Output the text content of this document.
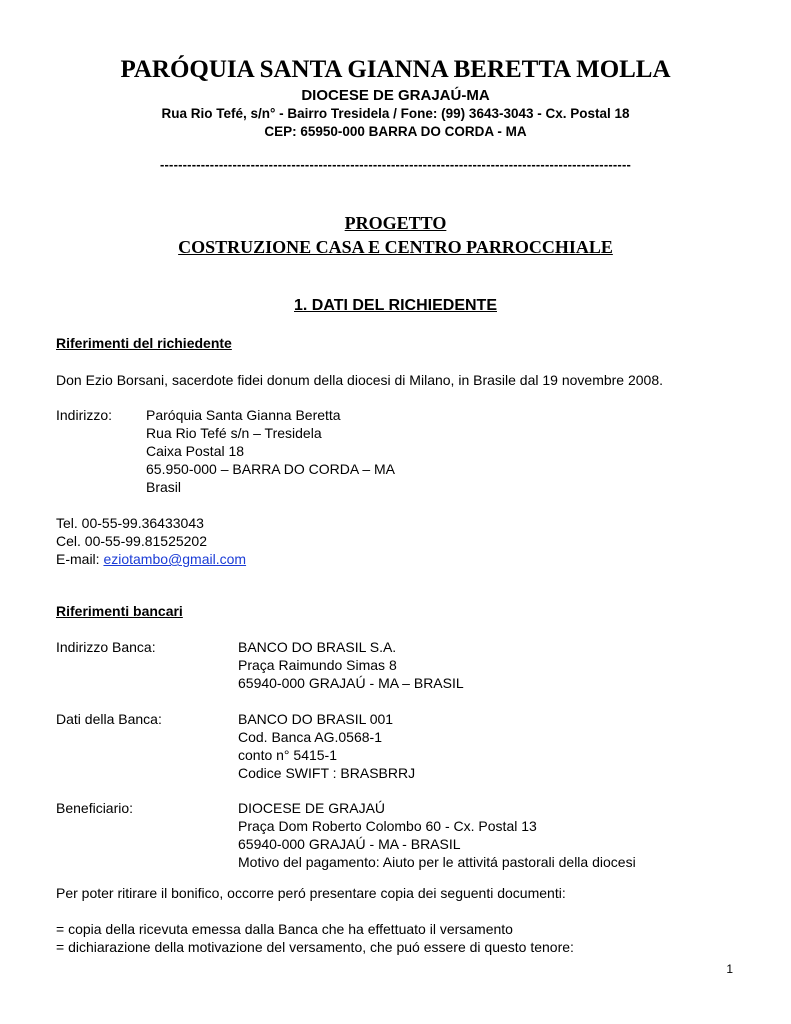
PARÓQUIA SANTA GIANNA BERETTA MOLLA
DIOCESE DE GRAJAÚ-MA
Rua Rio Tefé, s/n° - Bairro Tresidela / Fone: (99) 3643-3043 - Cx. Postal 18
CEP: 65950-000 BARRA DO CORDA - MA
--------------------------------------------------------------------------------------------------------
PROGETTO
COSTRUZIONE CASA E CENTRO PARROCCHIALE
1. DATI DEL RICHIEDENTE
Riferimenti del richiedente
Don Ezio Borsani, sacerdote fidei donum della diocesi di Milano, in Brasile dal 19 novembre 2008.
Indirizzo: Paróquia Santa Gianna Beretta
Rua Rio Tefé s/n – Tresidela
Caixa Postal 18
65.950-000 – BARRA DO CORDA – MA
Brasil
Tel. 00-55-99.36433043
Cel. 00-55-99.81525202
E-mail: eziotambo@gmail.com
Riferimenti bancari
Indirizzo Banca:	BANCO DO BRASIL S.A.
Praça Raimundo Simas 8
65940-000 GRAJAÚ - MA – BRASIL
Dati della Banca:	BANCO DO BRASIL 001
Cod. Banca AG.0568-1
conto n° 5415-1
Codice SWIFT : BRASBRRJ
Beneficiario:	DIOCESE DE GRAJAÚ
Praça Dom Roberto Colombo 60 - Cx. Postal 13
65940-000 GRAJAÚ - MA - BRASIL
Motivo del pagamento: Aiuto per le attivitá pastorali della diocesi
Per poter ritirare il bonifico, occorre peró presentare copia dei seguenti documenti:
= copia della ricevuta emessa dalla Banca che ha effettuato il versamento
= dichiarazione della motivazione del versamento, che puó essere di questo tenore:
1
